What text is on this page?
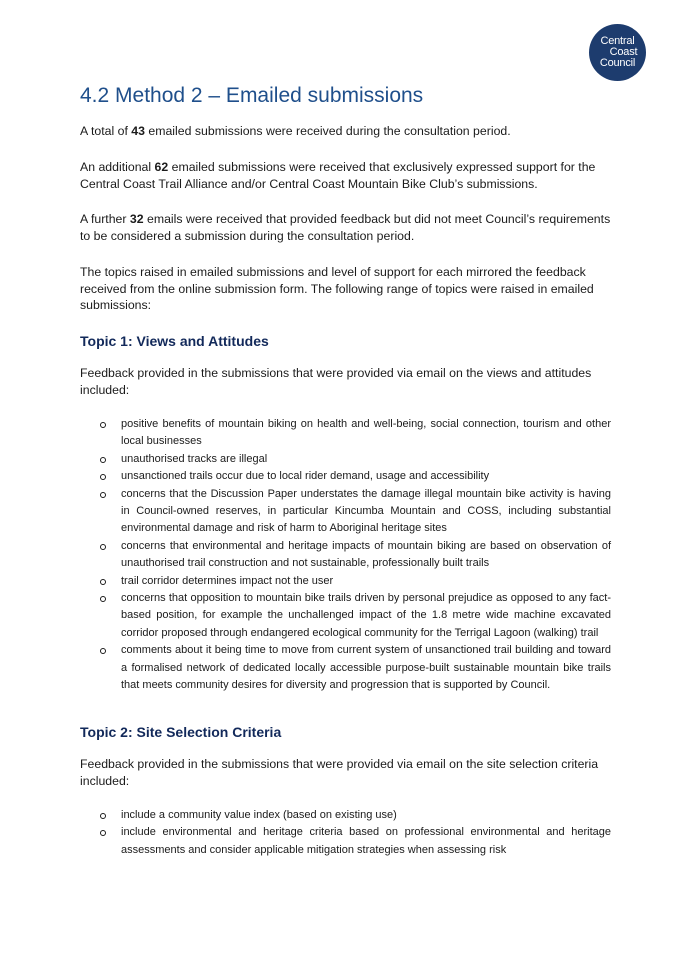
Central
Coast
Council
4.2 Method 2 – Emailed submissions

A total of 43 emailed submissions were received during the consultation period.

An additional 62 emailed submissions were received that exclusively expressed support for the Central Coast Trail Alliance and/or Central Coast Mountain Bike Club’s submissions.

A further 32 emails were received that provided feedback but did not meet Council’s requirements to be considered a submission during the consultation period.

The topics raised in emailed submissions and level of support for each mirrored the feedback received from the online submission form. The following range of topics were raised in emailed submissions:

Topic 1: Views and Attitudes

Feedback provided in the submissions that were provided via email on the views and attitudes included:

positive benefits of mountain biking on health and well-being, social connection, tourism and other local businesses
unauthorised tracks are illegal
unsanctioned trails occur due to local rider demand, usage and accessibility
concerns that the Discussion Paper understates the damage illegal mountain bike activity is having in Council-owned reserves, in particular Kincumba Mountain and COSS, including substantial environmental damage and risk of harm to Aboriginal heritage sites
concerns that environmental and heritage impacts of mountain biking are based on observation of unauthorised trail construction and not sustainable, professionally built trails
trail corridor determines impact not the user
concerns that opposition to mountain bike trails driven by personal prejudice as opposed to any fact-based position, for example the unchallenged impact of the 1.8 metre wide machine excavated corridor proposed through endangered ecological community for the Terrigal Lagoon (walking) trail
comments about it being time to move from current system of unsanctioned trail building and toward a formalised network of dedicated locally accessible purpose-built sustainable mountain bike trails that meets community desires for diversity and progression that is supported by Council.
Topic 2: Site Selection Criteria

Feedback provided in the submissions that were provided via email on the site selection criteria included:

include a community value index (based on existing use)
include environmental and heritage criteria based on professional environmental and heritage assessments and consider applicable mitigation strategies when assessing risk
